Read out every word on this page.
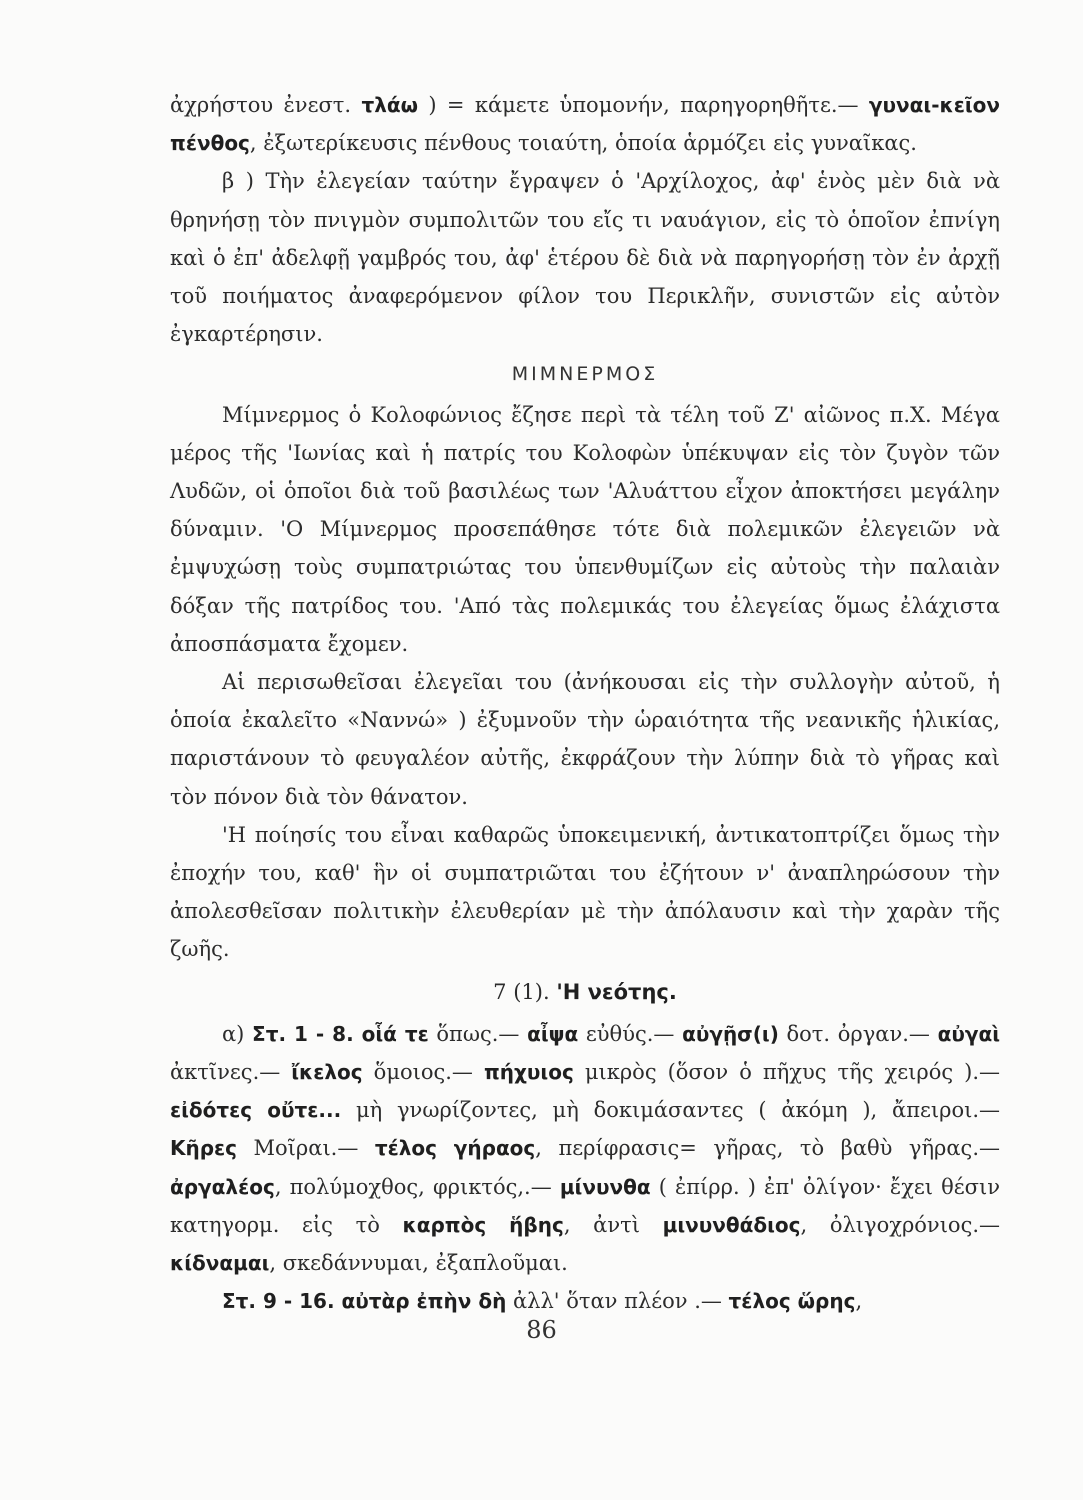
ἀχρήστου ἐνεστ. τλάω ) = κάμετε ὑπομονήν, παρηγορηθῆτε.— γυναι-κεῖον πένθος, ἐξωτερίκευσις πένθους τοιαύτη, ὁποία ἁρμόζει εἰς γυναῖκας.

β ) Τὴν ἐλεγείαν ταύτην ἔγραψεν ὁ 'Αρχίλοχος, ἀφ' ἑνὸς μὲν διὰ νὰ θρηνήσῃ τὸν πνιγμὸν συμπολιτῶν του εἴς τι ναυάγιον, εἰς τὸ ὁποῖον ἐπνίγη καὶ ὁ ἐπ' ἀδελφῇ γαμβρός του, ἀφ' ἑτέρου δὲ διὰ νὰ παρηγορήσῃ τὸν ἐν ἀρχῇ τοῦ ποιήματος ἀναφερόμενον φίλον του Περικλῆν, συνιστῶν εἰς αὐτὸν ἐγκαρτέρησιν.

ΜΙΜΝΕΡΜΟΣ

Μίμνερμος ὁ Κολοφώνιος ἔζησε περὶ τὰ τέλη τοῦ Ζ' αἰῶνος π.Χ. Μέγα μέρος τῆς 'Ιωνίας καὶ ἡ πατρίς του Κολοφὼν ὑπέκυψαν εἰς τὸν ζυγὸν τῶν Λυδῶν, οἱ ὁποῖοι διὰ τοῦ βασιλέως των 'Αλυάττου εἶχον ἀποκτήσει μεγάλην δύναμιν. 'Ο Μίμνερμος προσεπάθησε τότε διὰ πολεμικῶν ἐλεγειῶν νὰ ἐμψυχώσῃ τοὺς συμπατριώτας του ὑπενθυμίζων εἰς αὐτοὺς τὴν παλαιὰν δόξαν τῆς πατρίδος του. 'Από τὰς πολεμικάς του ἐλεγείας ὅμως ἐλάχιστα ἀποσπάσματα ἔχομεν.

Αἱ περισωθεῖσαι ἐλεγεῖαι του (ἀνήκουσαι εἰς τὴν συλλογὴν αὐτοῦ, ἡ ὁποία ἐκαλεῖτο «Ναννώ» ) ἐξυμνοῦν τὴν ὡραιότητα τῆς νεανικῆς ἡλικίας, παριστάνουν τὸ φευγαλέον αὐτῆς, ἐκφράζουν τὴν λύπην διὰ τὸ γῆρας καὶ τὸν πόνον διὰ τὸν θάνατον.

'Η ποίησίς του εἶναι καθαρῶς ὑποκειμενική, ἀντικατοπτρίζει ὅμως τὴν ἐποχήν του, καθ' ἣν οἱ συμπατριῶται του ἐζήτουν ν' ἀναπληρώσουν τὴν ἀπολεσθεῖσαν πολιτικὴν ἐλευθερίαν μὲ τὴν ἀπόλαυσιν καὶ τὴν χαρὰν τῆς ζωῆς.

7 (1). 'Η νεότης.

α) Στ. 1 - 8. οἷά τε ὅπως.— αἶψα εὐθύς.— αὐγῇσ(ι) δοτ. ὀργαν.— αὐγαὶ ἀκτῖνες.— ἴκελος ὅμοιος.— πήχυιος μικρὸς (ὅσον ὁ πῆχυς τῆς χειρός ).— εἰδότες οὔτε... μὴ γνωρίζοντες, μὴ δοκιμάσαντες ( ἀκόμη ), ἄπειροι.— Κῆρες Μοῖραι.— τέλος γήραος, περίφρασις= γῆρας, τὸ βαθὺ γῆρας.— ἀργαλέος, πολύμοχθος, φρικτός,.— μίνυνθα ( ἐπίρρ. ) ἐπ' ὀλίγον· ἔχει θέσιν κατηγορμ. εἰς τὸ καρπὸς ἥβης, ἀντὶ μινυνθάδιος, ὀλιγοχρόνιος.— κίδναμαι, σκεδάννυμαι, ἐξαπλοῦμαι.

Στ. 9 - 16. αὐτὰρ ἐπὴν δὴ ἀλλ' ὅταν πλέον .— τέλος ὥρης,

86
